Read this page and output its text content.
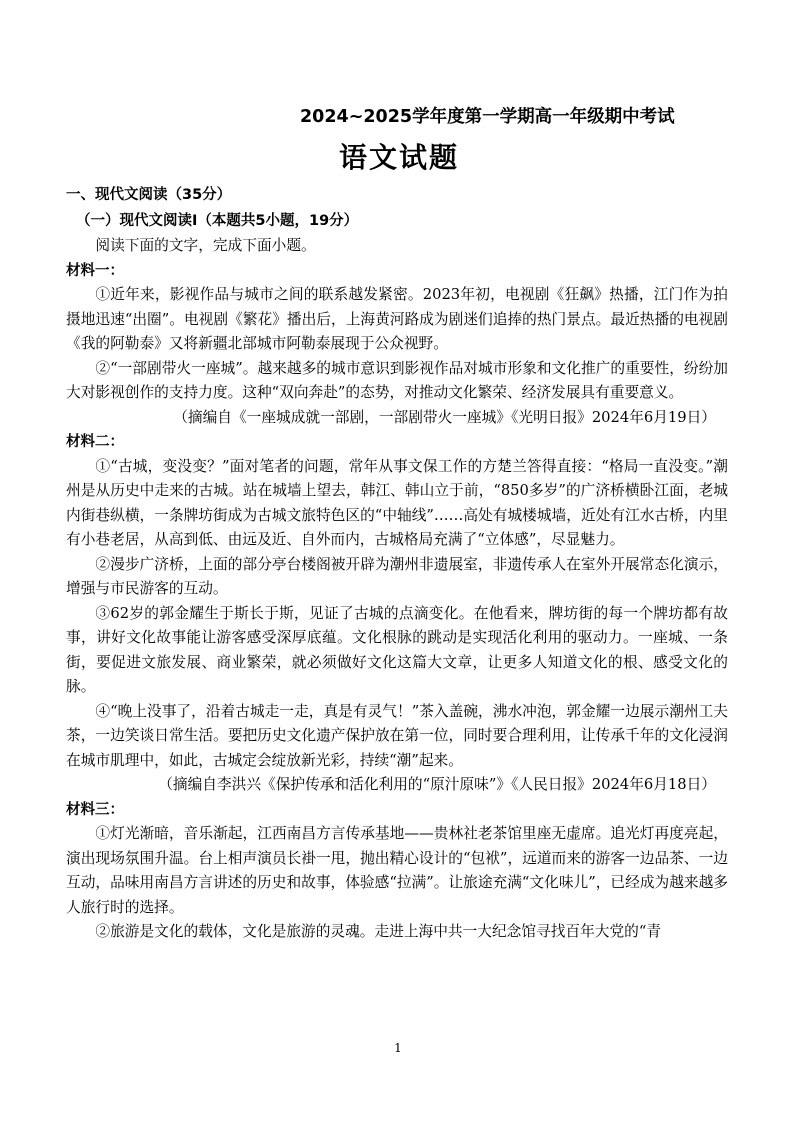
2024~2025学年度第一学期高一年级期中考试
语文试题

一、现代文阅读（35分）

（一）现代文阅读Ⅰ（本题共5小题，19分）

阅读下面的文字，完成下面小题。

材料一：

①近年来，影视作品与城市之间的联系越发紧密。2023年初，电视剧《狂飙》热播，江门作为拍摄地迅速“出圈”。电视剧《繁花》播出后，上海黄河路成为剧迷们追捧的热门景点。最近热播的电视剧《我的阿勒泰》又将新疆北部城市阿勒泰展现于公众视野。

②“一部剧带火一座城”。越来越多的城市意识到影视作品对城市形象和文化推广的重要性，纷纷加大对影视创作的支持力度。这种“双向奔赴”的态势，对推动文化繁荣、经济发展具有重要意义。

（摘编自《一座城成就一部剧，一部剧带火一座城》《光明日报》2024年6月19日）

材料二：

①“古城，变没变？”面对笔者的问题，常年从事文保工作的方楚兰答得直接：“格局一直没变。”潮州是从历史中走来的古城。站在城墙上望去，韩江、韩山立于前，“850多岁”的广济桥横卧江面，老城内街巷纵横，一条牌坊街成为古城文旅特色区的“中轴线”……高处有城楼城墙，近处有江水古桥，内里有小巷老居，从高到低、由远及近、自外而内，古城格局充满了“立体感”，尽显魅力。

②漫步广济桥，上面的部分亭台楼阁被开辟为潮州非遗展室，非遗传承人在室外开展常态化演示，增强与市民游客的互动。

③62岁的郭金耀生于斯长于斯，见证了古城的点滴变化。在他看来，牌坊街的每一个牌坊都有故事，讲好文化故事能让游客感受深厚底蕴。文化根脉的跳动是实现活化利用的驱动力。一座城、一条街，要促进文旅发展、商业繁荣，就必须做好文化这篇大文章，让更多人知道文化的根、感受文化的脉。

④“晚上没事了，沿着古城走一走，真是有灵气！”茶入盖碗，沸水冲泡，郭金耀一边展示潮州工夫茶，一边笑谈日常生活。要把历史文化遗产保护放在第一位，同时要合理利用，让传承千年的文化浸润在城市肌理中，如此，古城定会绽放新光彩，持续“潮”起来。

（摘编自李洪兴《保护传承和活化利用的“原汁原味”》《人民日报》2024年6月18日）

材料三：

①灯光渐暗，音乐渐起，江西南昌方言传承基地——贵林社老茶馆里座无虚席。追光灯再度亮起，演出现场氛围升温。台上相声演员长褂一甩，抛出精心设计的“包袱”，远道而来的游客一边品茶、一边互动，品味用南昌方言讲述的历史和故事，体验感“拉满”。让旅途充满“文化味儿”，已经成为越来越多人旅行时的选择。

②旅游是文化的载体，文化是旅游的灵魂。走进上海中共一大纪念馆寻找百年大党的“青

1
